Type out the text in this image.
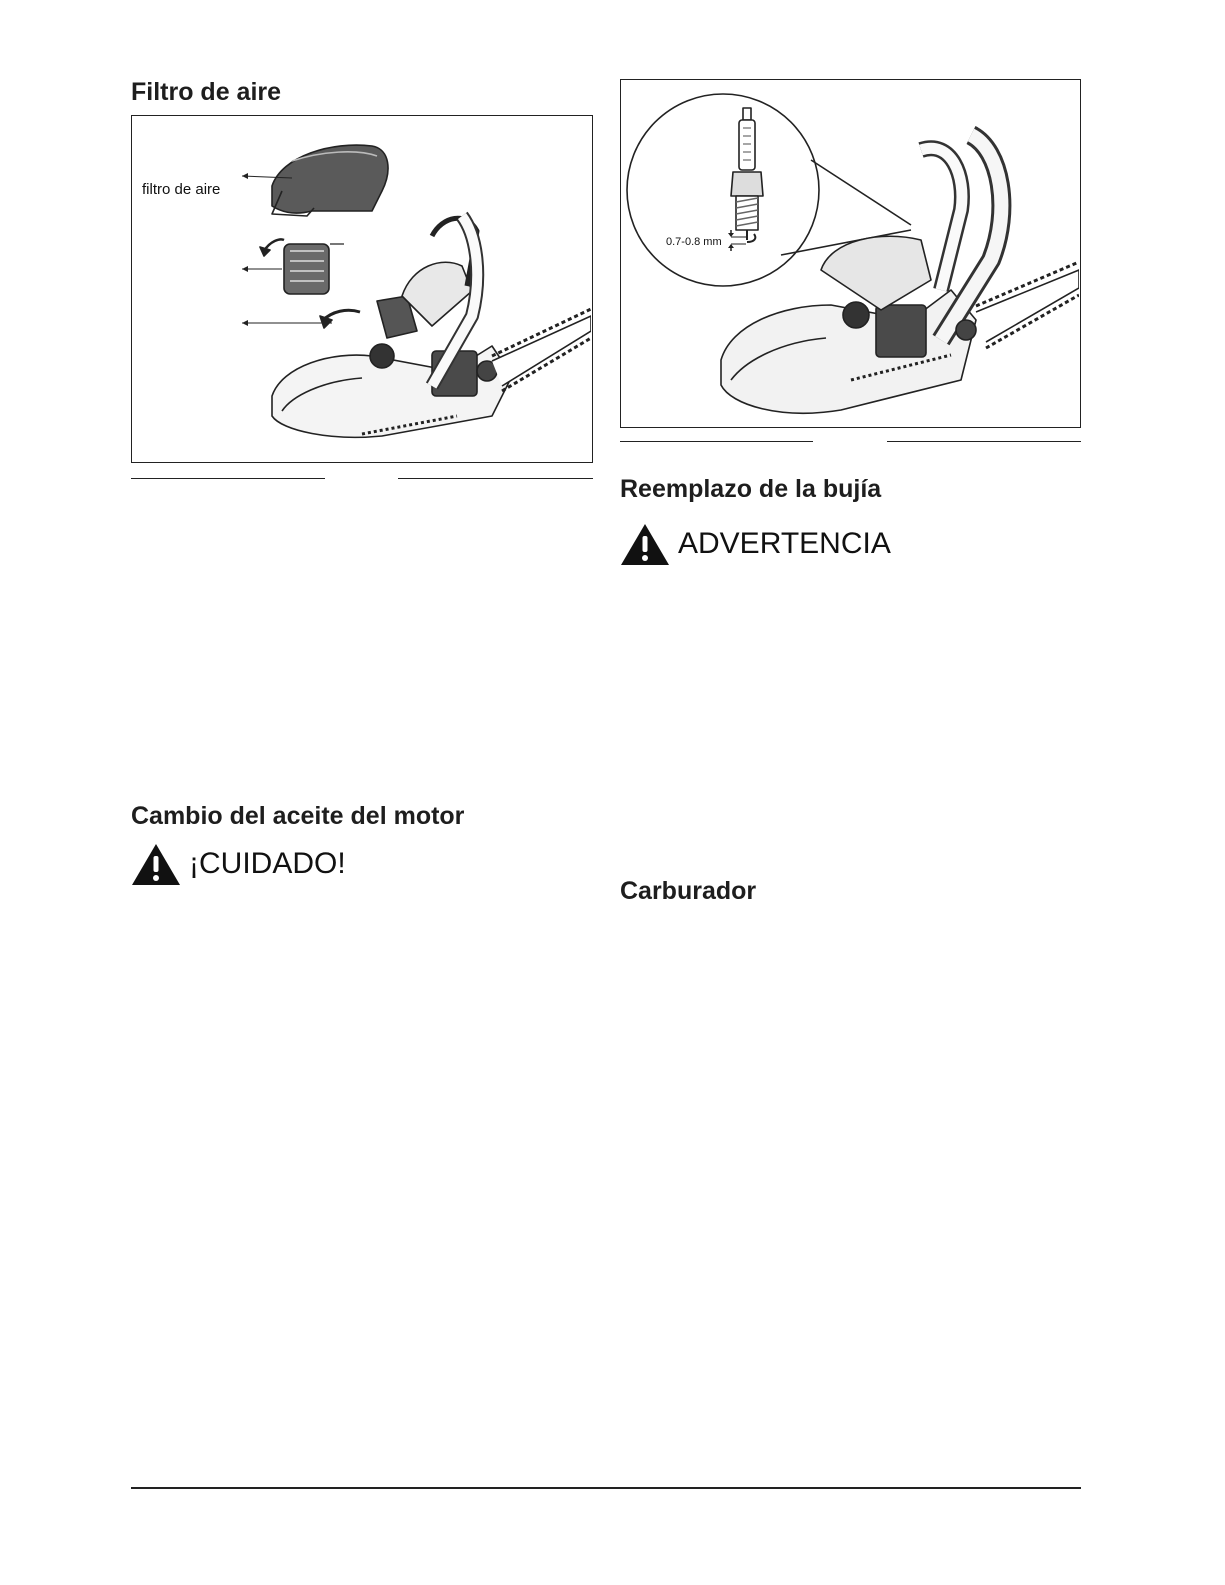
Filtro de aire
filtro de aire
Cambio del aceite del motor
¡CUIDADO!
0.7-0.8 mm
Reemplazo de la bujía
ADVERTENCIA
Carburador
